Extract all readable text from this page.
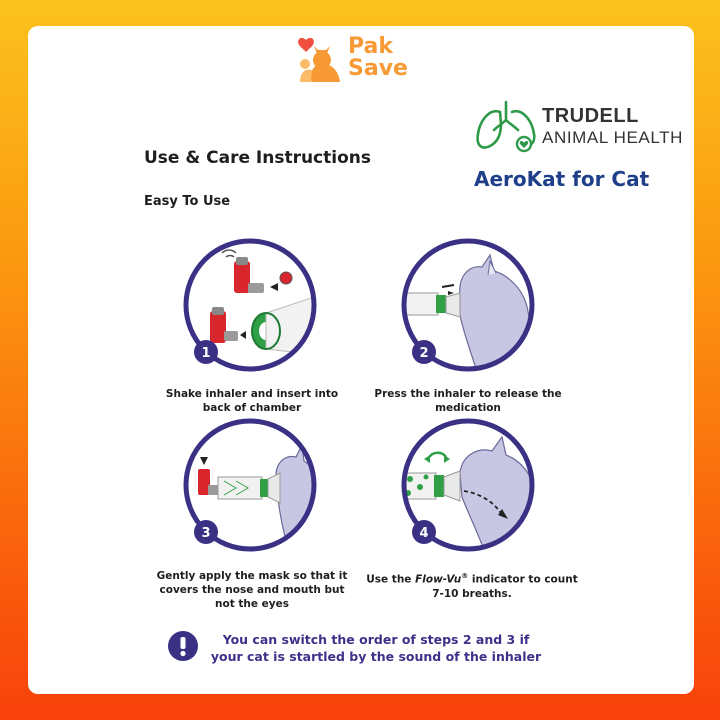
Pak
Save
TRUDELL
ANIMAL HEALTH
AeroKat for Cat
Use & Care Instructions
Easy To Use
1
Shake inhaler and insert into back of chamber
2
Press the inhaler to release the medication
3
Gently apply the mask so that it covers the nose and mouth but not the eyes
4
Use the Flow-Vu® indicator to count 7-10 breaths.
You can switch the order of steps 2 and 3 if your cat is startled by the sound of the inhaler
